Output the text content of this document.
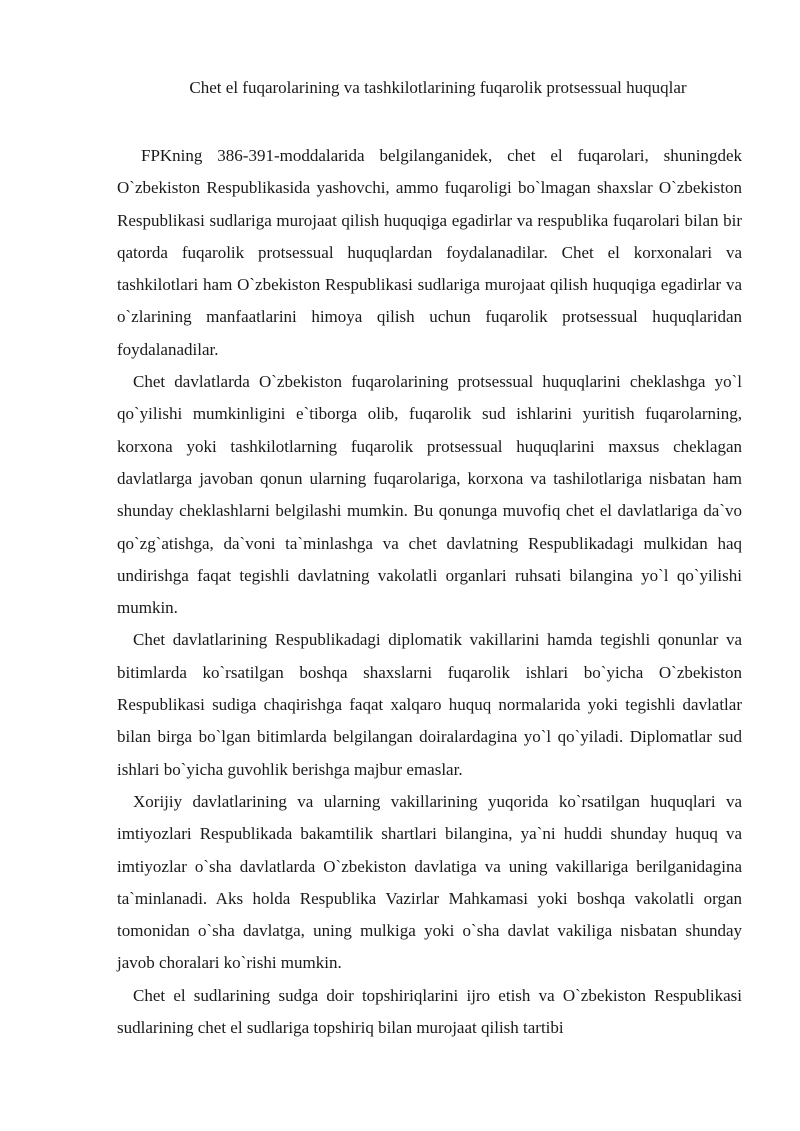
Chet el fuqarolarining va tashkilotlarining fuqarolik protsessual huquqlar

FPKning 386-391-moddalarida belgilanganidek, chet el fuqarolari, shuningdek O`zbekiston Respublikasida yashovchi, ammo fuqaroligi bo`lmagan shaxslar O`zbekiston Respublikasi sudlariga murojaat qilish huquqiga egadirlar va respublika fuqarolari bilan bir qatorda fuqarolik protsessual huquqlardan foydalanadilar. Chet el korxonalari va tashkilotlari ham O`zbekiston Respublikasi sudlariga murojaat qilish huquqiga egadirlar va o`zlarining manfaatlarini himoya qilish uchun fuqarolik protsessual huquqlaridan foydalanadilar.

Chet davlatlarda O`zbekiston fuqarolarining protsessual huquqlarini cheklashga yo`l qo`yilishi mumkinligini e`tiborga olib, fuqarolik sud ishlarini yuritish fuqarolarning, korxona yoki tashkilotlarning fuqarolik protsessual huquqlarini maxsus cheklagan davlatlarga javoban qonun ularning fuqarolariga, korxona va tashilotlariga nisbatan ham shunday cheklashlarni belgilashi mumkin. Bu qonunga muvofiq chet el davlatlariga da`vo qo`zg`atishga, da`voni ta`minlashga va chet davlatning Respublikadagi mulkidan haq undirishga faqat tegishli davlatning vakolatli organlari ruhsati bilangina yo`l qo`yilishi mumkin.

Chet davlatlarining Respublikadagi diplomatik vakillarini hamda tegishli qonunlar va bitimlarda ko`rsatilgan boshqa shaxslarni fuqarolik ishlari bo`yicha O`zbekiston Respublikasi sudiga chaqirishga faqat xalqaro huquq normalarida yoki tegishli davlatlar bilan birga bo`lgan bitimlarda belgilangan doiralardagina yo`l qo`yiladi. Diplomatlar sud ishlari bo`yicha guvohlik berishga majbur emaslar.

Xorijiy davlatlarining va ularning vakillarining yuqorida ko`rsatilgan huquqlari va imtiyozlari Respublikada bakamtilik shartlari bilangina, ya`ni huddi shunday huquq va imtiyozlar o`sha davlatlarda O`zbekiston davlatiga va uning vakillariga berilganidagina ta`minlanadi. Aks holda Respublika Vazirlar Mahkamasi yoki boshqa vakolatli organ tomonidan o`sha davlatga, uning mulkiga yoki o`sha davlat vakiliga nisbatan shunday javob choralari ko`rishi mumkin.

Chet el sudlarining sudga doir topshiriqlarini ijro etish va O`zbekiston Respublikasi sudlarining chet el sudlariga topshiriq bilan murojaat qilish tartibi
